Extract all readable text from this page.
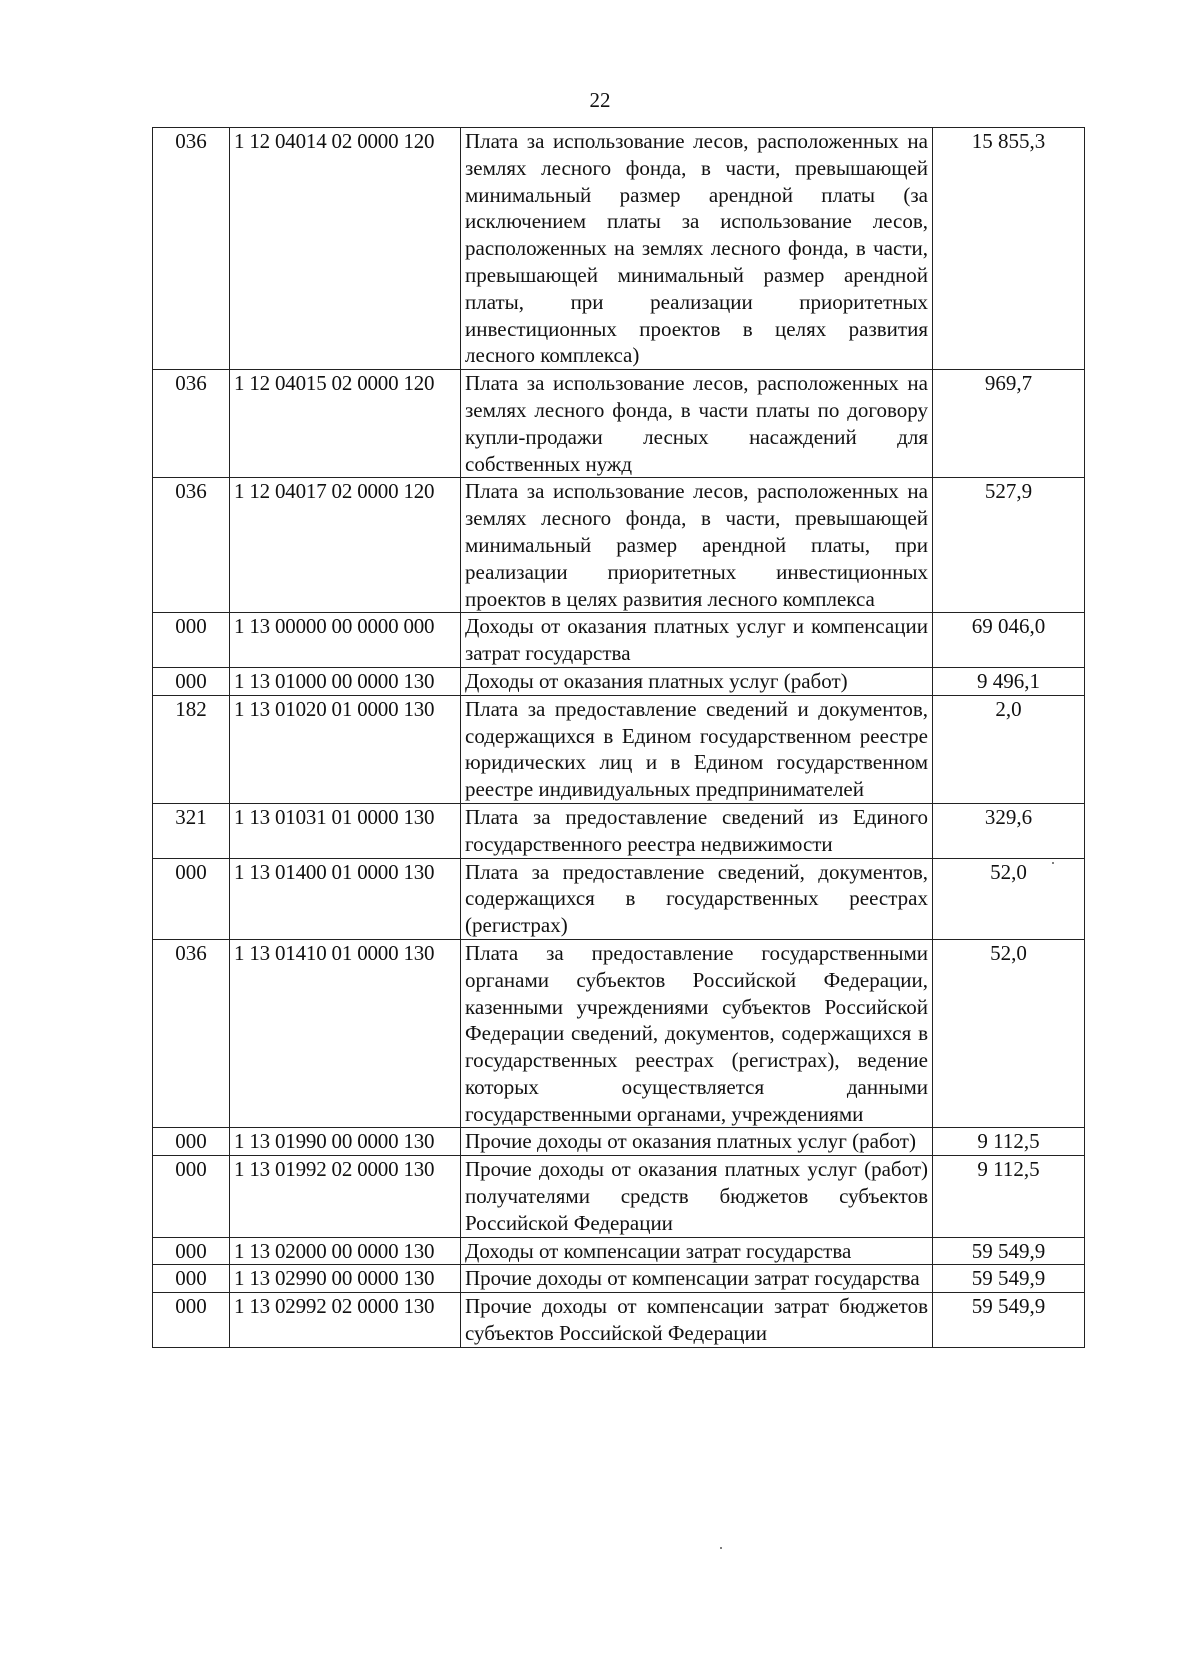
22
036	1 12 04014 02 0000 120	Плата за использование лесов, расположенных на землях лесного фонда, в части, превышающей минимальный размер арендной платы (за исключением платы за использование лесов, расположенных на землях лесного фонда, в части, превышающей минимальный размер арендной платы, при реализации приоритетных инвестиционных проектов в целях развития лесного комплекса)	15 855,3
036	1 12 04015 02 0000 120	Плата за использование лесов, расположенных на землях лесного фонда, в части платы по договору купли-продажи лесных насаждений для собственных нужд	969,7
036	1 12 04017 02 0000 120	Плата за использование лесов, расположенных на землях лесного фонда, в части, превышающей минимальный размер арендной платы, при реализации приоритетных инвестиционных проектов в целях развития лесного комплекса	527,9
000	1 13 00000 00 0000 000	Доходы от оказания платных услуг и компенсации затрат государства	69 046,0
000	1 13 01000 00 0000 130	Доходы от оказания платных услуг (работ)	9 496,1
182	1 13 01020 01 0000 130	Плата за предоставление сведений и документов, содержащихся в Едином государственном реестре юридических лиц и в Едином государственном реестре индивидуальных предпринимателей	2,0
321	1 13 01031 01 0000 130	Плата за предоставление сведений из Единого государственного реестра недвижимости	329,6
000	1 13 01400 01 0000 130	Плата за предоставление сведений, документов, содержащихся в государственных реестрах (регистрах)	52,0
036	1 13 01410 01 0000 130	Плата за предоставление государственными органами субъектов Российской Федерации, казенными учреждениями субъектов Российской Федерации сведений, документов, содержащихся в государственных реестрах (регистрах), ведение которых осуществляется данными государственными органами, учреждениями	52,0
000	1 13 01990 00 0000 130	Прочие доходы от оказания платных услуг (работ)	9 112,5
000	1 13 01992 02 0000 130	Прочие доходы от оказания платных услуг (работ) получателями средств бюджетов субъектов Российской Федерации	9 112,5
000	1 13 02000 00 0000 130	Доходы от компенсации затрат государства	59 549,9
000	1 13 02990 00 0000 130	Прочие доходы от компенсации затрат государства	59 549,9
000	1 13 02992 02 0000 130	Прочие доходы от компенсации затрат бюджетов субъектов Российской Федерации	59 549,9
